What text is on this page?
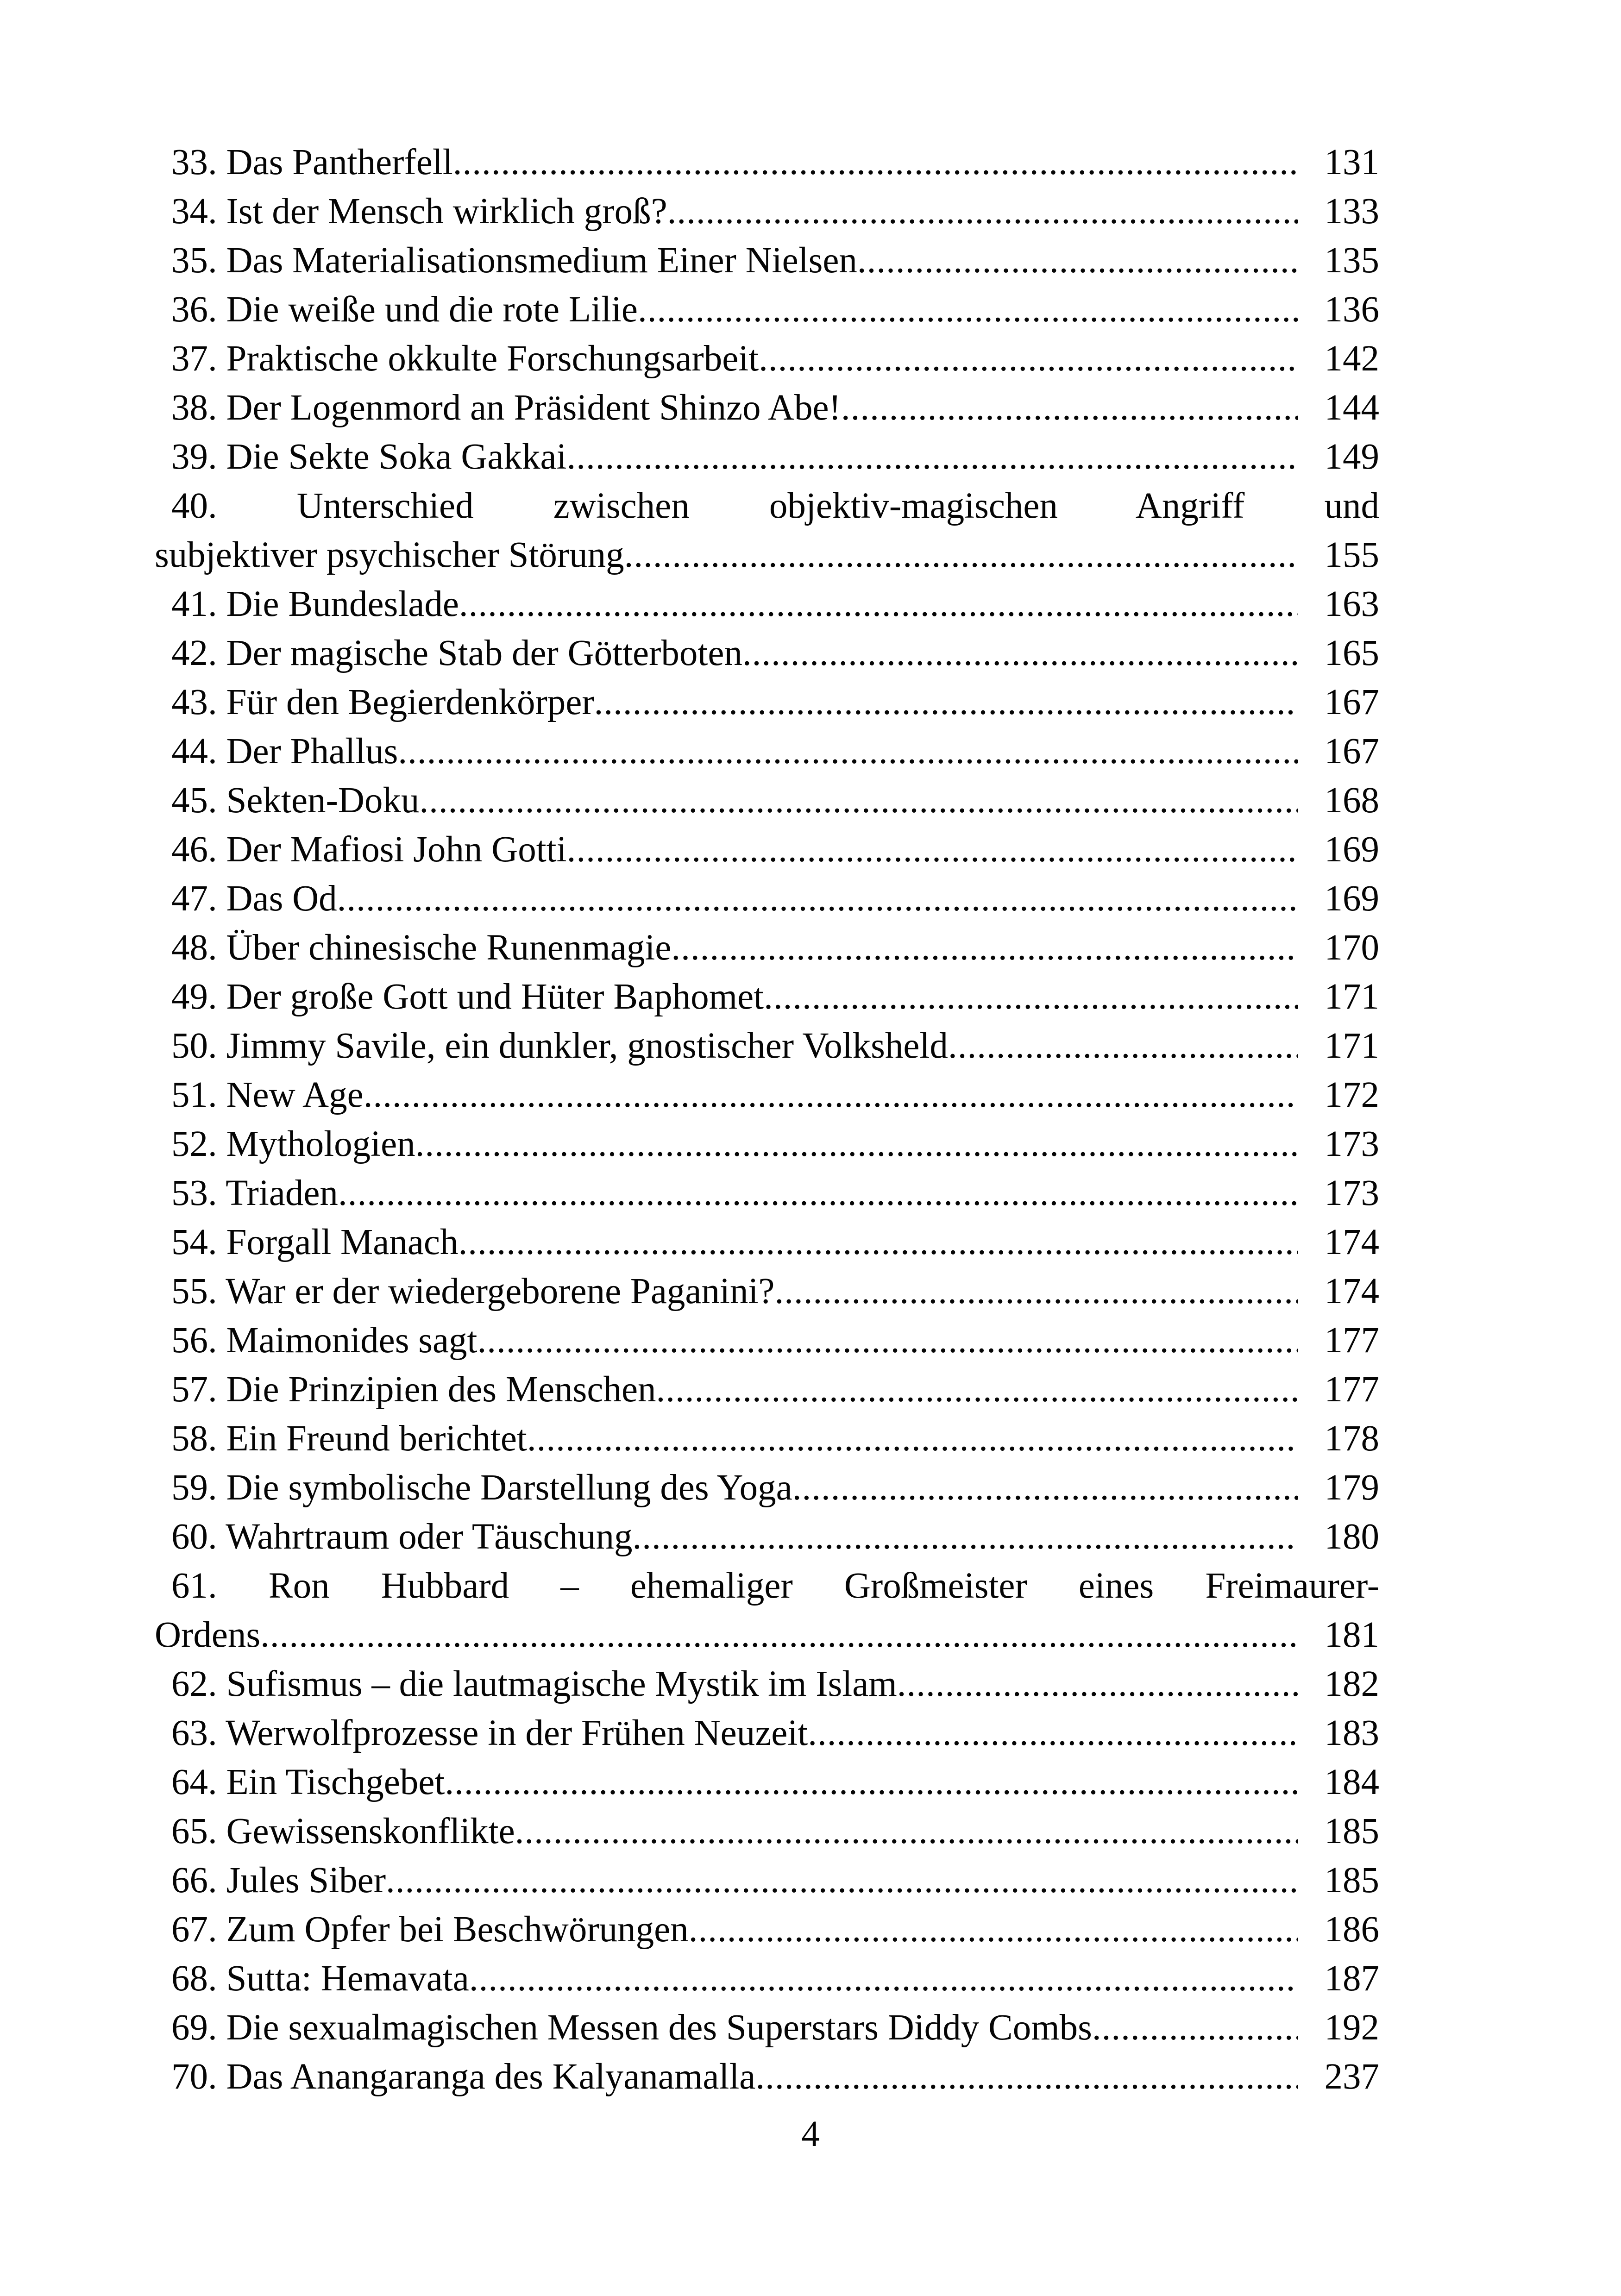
33. Das Pantherfell .....	131
34. Ist der Mensch wirklich groß? .....	133
35. Das Materialisationsmedium Einer Nielsen .....	135
36. Die weiße und die rote Lilie .....	136
37. Praktische okkulte Forschungsarbeit .....	142
38. Der Logenmord an Präsident Shinzo Abe! .....	144
39. Die Sekte Soka Gakkai .....	149
40. Unterschied zwischen objektiv-magischen Angriff und
subjektiver psychischer Störung .....	155
41. Die Bundeslade .....	163
42. Der magische Stab der Götterboten .....	165
43. Für den Begierdenkörper .....	167
44. Der Phallus .....	167
45. Sekten-Doku .....	168
46. Der Mafiosi John Gotti .....	169
47. Das Od .....	169
48. Über chinesische Runenmagie .....	170
49. Der große Gott und Hüter Baphomet .....	171
50. Jimmy Savile, ein dunkler, gnostischer Volksheld .....	171
51. New Age .....	172
52. Mythologien .....	173
53. Triaden .....	173
54. Forgall Manach .....	174
55. War er der wiedergeborene Paganini? .....	174
56. Maimonides sagt .....	177
57. Die Prinzipien des Menschen .....	177
58. Ein Freund berichtet .....	178
59. Die symbolische Darstellung des Yoga .....	179
60. Wahrtraum oder Täuschung .....	180
61. Ron Hubbard – ehemaliger Großmeister eines Freimaurer-
Ordens .....	181
62. Sufismus – die lautmagische Mystik im Islam .....	182
63. Werwolfprozesse in der Frühen Neuzeit .....	183
64. Ein Tischgebet .....	184
65. Gewissenskonflikte .....	185
66. Jules Siber .....	185
67. Zum Opfer bei Beschwörungen .....	186
68. Sutta: Hemavata .....	187
69. Die sexualmagischen Messen des Superstars Diddy Combs .....	192
70. Das Anangaranga des Kalyanamalla .....	237
4
